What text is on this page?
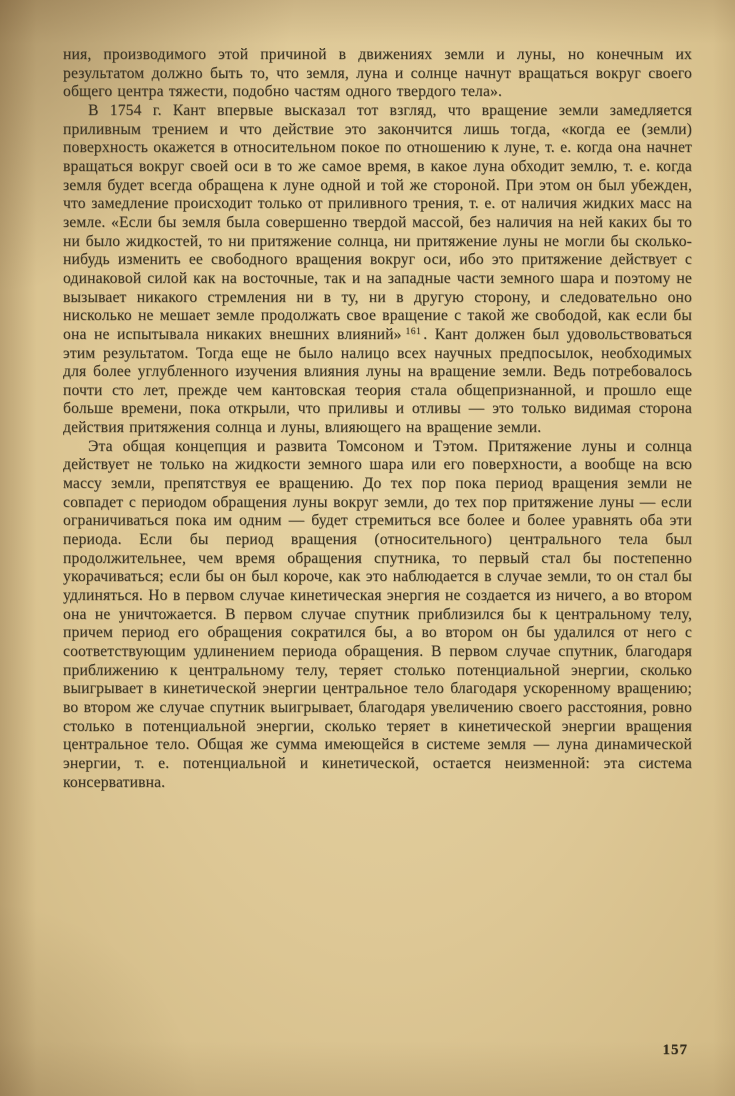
ния, производимого этой причиной в движениях земли и луны, но конечным их результатом должно быть то, что земля, луна и солнце начнут вращаться вокруг своего общего центра тяжести, подобно частям одного твердого тела».

В 1754 г. Кант впервые высказал тот взгляд, что вращение земли замедляется приливным трением и что действие это закончится лишь тогда, «когда ее (земли) поверхность окажется в относительном покое по отношению к луне, т. е. когда она начнет вращаться вокруг своей оси в то же самое время, в какое луна обходит землю, т. е. когда земля будет всегда обращена к луне одной и той же стороной. При этом он был убежден, что замедление происходит только от приливного трения, т. е. от наличия жидких масс на земле. «Если бы земля была совершенно твердой массой, без наличия на ней каких бы то ни было жидкостей, то ни притяжение солнца, ни притяжение луны не могли бы сколько-нибудь изменить ее свободного вращения вокруг оси, ибо это притяжение действует с одинаковой силой как на восточные, так и на западные части земного шара и поэтому не вызывает никакого стремления ни в ту, ни в другую сторону, и следовательно оно нисколько не мешает земле продолжать свое вращение с такой же свободой, как если бы она не испытывала никаких внешних влияний» $^{161}$ . Кант должен был удовольствоваться этим результатом. Тогда еще не было налицо всех научных предпосылок, необходимых для более углубленного изучения влияния луны на вращение земли. Ведь потребовалось почти сто лет, прежде чем кантовская теория стала общепризнанной, и прошло еще больше времени, пока открыли, что приливы и отливы — это только видимая сторона действия притяжения солнца и луны, влияющего на вращение земли.

Эта общая концепция и развита Томсоном и Тэтом. Притяжение луны и солнца действует не только на жидкости земного шара или его поверхности, а вообще на всю массу земли, препятствуя ее вращению. До тех пор пока период вращения земли не совпадет с периодом обращения луны вокруг земли, до тех пор притяжение луны — если ограничиваться пока им одним — будет стремиться все более и более уравнять оба эти периода. Если бы период вращения (относительного) центрального тела был продолжительнее, чем время обращения спутника, то первый стал бы постепенно укорачиваться; если бы он был короче, как это наблюдается в случае земли, то он стал бы удлиняться. Но в первом случае кинетическая энергия не создается из ничего, а во втором она не уничтожается. В первом случае спутник приблизился бы к центральному телу, причем период его обращения сократился бы, а во втором он бы удалился от него с соответствующим удлинением периода обращения. В первом случае спутник, благодаря приближению к центральному телу, теряет столько потенциальной энергии, сколько выигрывает в кинетической энергии центральное тело благодаря ускоренному вращению; во втором же случае спутник выигрывает, благодаря увеличению своего расстояния, ровно столько в потенциальной энергии, сколько теряет в кинетической энергии вращения центральное тело. Общая же сумма имеющейся в системе земля — луна динамической энергии, т. е. потенциальной и кинетической, остается неизменной: эта система консервативна.

157
